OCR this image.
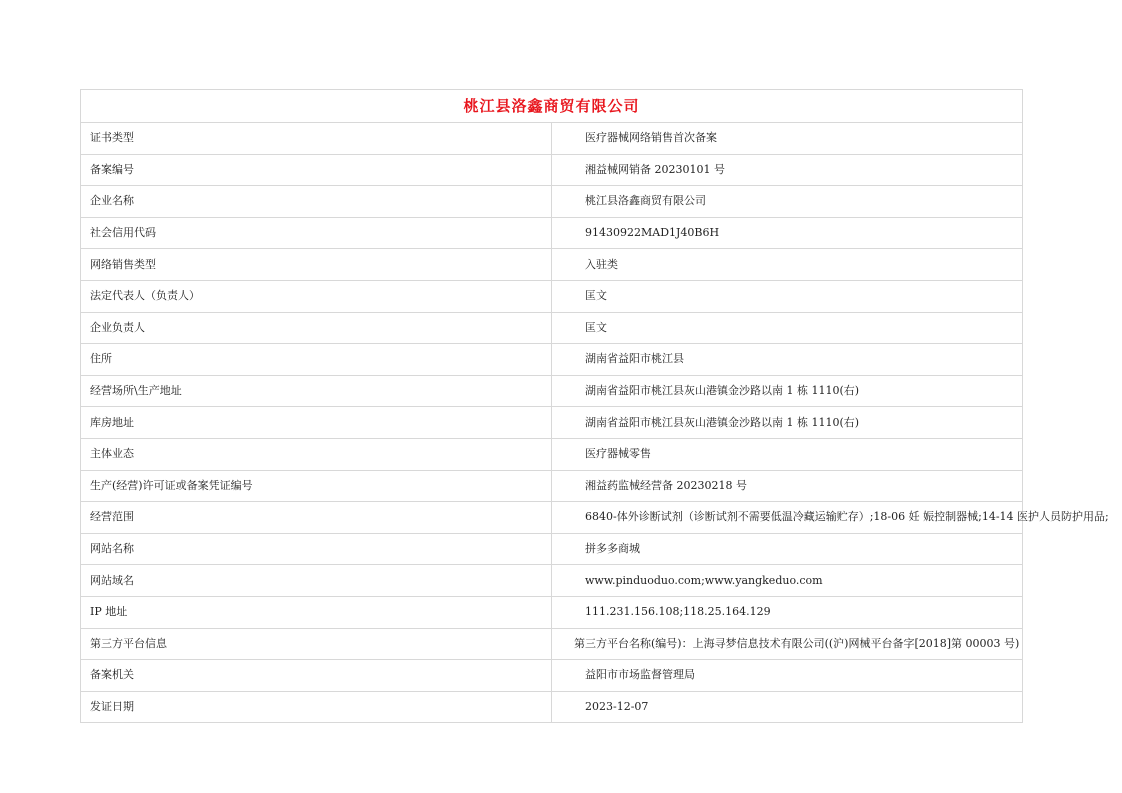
桃江县洛鑫商贸有限公司	
证书类型	医疗器械网络销售首次备案
备案编号	湘益械网销备 20230101 号
企业名称	桃江县洛鑫商贸有限公司
社会信用代码	91430922MAD1J40B6H
网络销售类型	入驻类
法定代表人（负责人）	匡文
企业负责人	匡文
住所	湖南省益阳市桃江县
经营场所\生产地址	湖南省益阳市桃江县灰山港镇金沙路以南 1 栋 1110(右)
库房地址	湖南省益阳市桃江县灰山港镇金沙路以南 1 栋 1110(右)
主体业态	医疗器械零售
生产(经营)许可证或备案凭证编号	湘益药监械经营备 20230218 号
经营范围	6840-体外诊断试剂（诊断试剂不需要低温冷藏运输贮存）;18-06 妊 娠控制器械;14-14 医护人员防护用品;
网站名称	拼多多商城
网站域名	www.pinduoduo.com;www.yangkeduo.com
IP 地址	111.231.156.108;118.25.164.129
第三方平台信息	第三方平台名称(编号)：上海寻梦信息技术有限公司((沪)网械平台备字[2018]第 00003 号)
备案机关	益阳市市场监督管理局
发证日期	2023-12-07
